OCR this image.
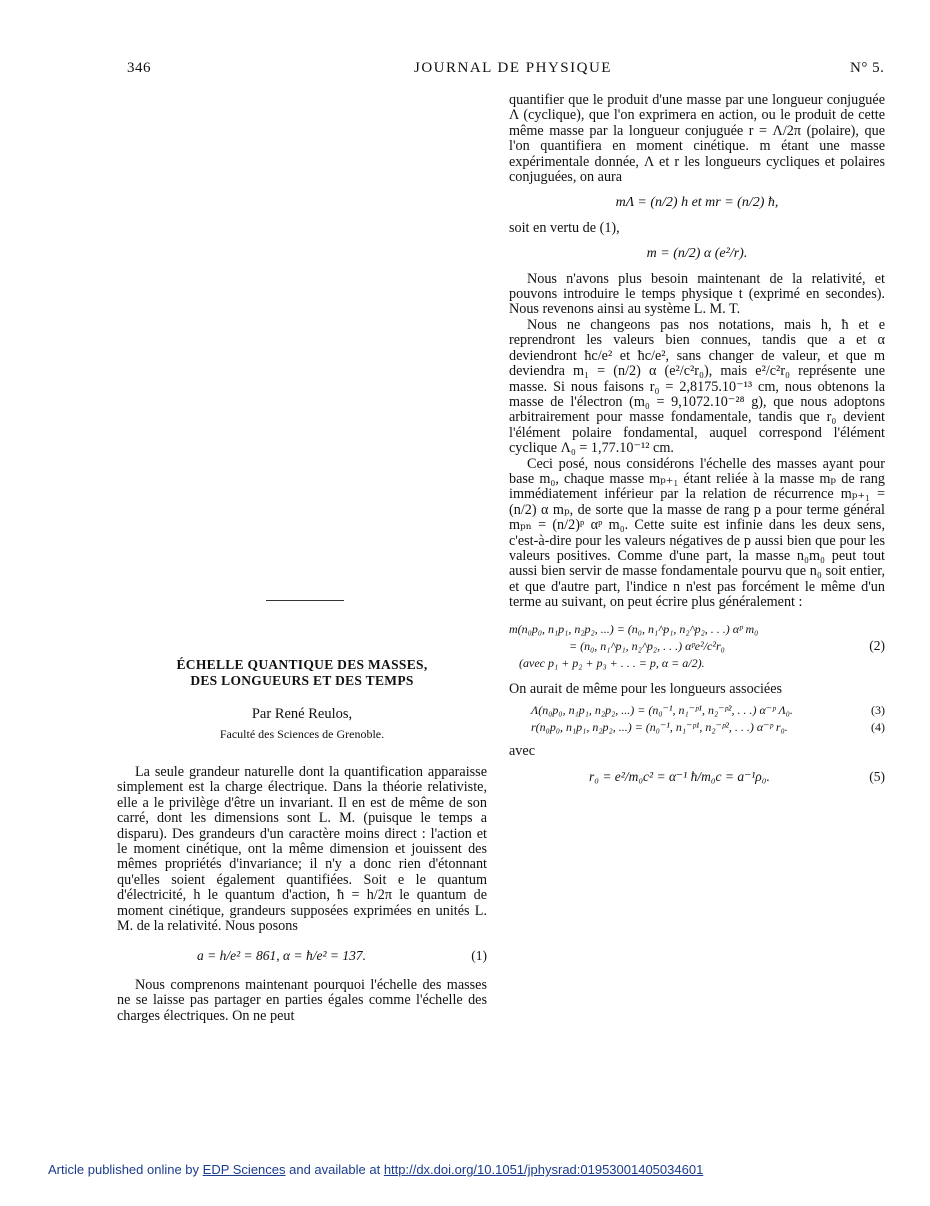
346	JOURNAL DE PHYSIQUE	N° 5.

quantifier que le produit d'une masse par une longueur conjuguée Λ (cyclique), que l'on exprimera en action, ou le produit de cette même masse par la longueur conjuguée r = Λ/2π (polaire), que l'on quantifiera en moment cinétique. m étant une masse expérimentale donnée, Λ et r les longueurs cycliques et polaires conjuguées, on aura

mΛ = (n/2) h et mr = (n/2) ħ,

soit en vertu de (1),

m = (n/2) α (e²/r).

Nous n'avons plus besoin maintenant de la relativité, et pouvons introduire le temps physique t (exprimé en secondes). Nous revenons ainsi au système L. M. T.

Nous ne changeons pas nos notations, mais h, ħ et e reprendront les valeurs bien connues, tandis que a et α deviendront ħc/e² et ħc/e², sans changer de valeur, et que m deviendra m₁ = (n/2) α (e²/c²r₀), mais e²/c²r₀ représente une masse. Si nous faisons r₀ = 2,8175.10⁻¹³ cm, nous obtenons la masse de l'électron (m₀ = 9,1072.10⁻²⁸ g), que nous adoptons arbitrairement pour masse fondamentale, tandis que r₀ devient l'élément polaire fondamental, auquel correspond l'élément cyclique Λ₀ = 1,77.10⁻¹² cm.

Ceci posé, nous considérons l'échelle des masses ayant pour base m₀, chaque masse mₚ₊₁ étant reliée à la masse mₚ de rang immédiatement inférieur par la relation de récurrence mₚ₊₁ = (n/2) α mₚ, de sorte que la masse de rang p a pour terme général mₚₙ = (n/2)ᵖ αᵖ m₀. Cette suite est infinie dans les deux sens, c'est-à-dire pour les valeurs négatives de p aussi bien que pour les valeurs positives. Comme d'une part, la masse n₀m₀ peut tout aussi bien servir de masse fondamentale pourvu que n₀ soit entier, et que d'autre part, l'indice n n'est pas forcément le même d'un terme au suivant, on peut écrire plus généralement :

m(n₀p₀, n₁p₁, n₂p₂, ...) = (n₀, n₁^p₁, n₂^p₂, . . .) αᵖ m₀
= (n₀, n₁^p₁, n₂^p₂, . . .) αᵖe²/c²r₀
(avec p₁ + p₂ + p₃ + . . . = p, α = a/2).
(2)

On aurait de même pour les longueurs associées

Λ(n₀p₀, n₁p₁, n₂p₂, ...) = (n₀⁻¹, n₁⁻ᵖ¹, n₂⁻ᵖ², . . .) α⁻ᵖ Λ₀.	(3)
r(n₀p₀, n₁p₁, n₂p₂, ...) = (n₀⁻¹, n₁⁻ᵖ¹, n₂⁻ᵖ², . . .) α⁻ᵖ r₀.	(4)

avec

r₀ = e²/m₀c² = α⁻¹ ħ/m₀c = a⁻¹ρ₀.	(5)
ÉCHELLE QUANTIQUE DES MASSES,
DES LONGUEURS ET DES TEMPS
Par René Reulos,
Faculté des Sciences de Grenoble.

La seule grandeur naturelle dont la quantification apparaisse simplement est la charge électrique. Dans la théorie relativiste, elle a le privilège d'être un invariant. Il en est de même de son carré, dont les dimensions sont L. M. (puisque le temps a disparu). Des grandeurs d'un caractère moins direct : l'action et le moment cinétique, ont la même dimension et jouissent des mêmes propriétés d'invariance; il n'y a donc rien d'étonnant qu'elles soient également quantifiées. Soit e le quantum d'électricité, h le quantum d'action, ħ = h/2π le quantum de moment cinétique, grandeurs supposées exprimées en unités L. M. de la relativité. Nous posons

a = h/e² = 861, α = ħ/e² = 137.	(1)

Nous comprenons maintenant pourquoi l'échelle des masses ne se laisse pas partager en parties égales comme l'échelle des charges électriques. On ne peut

Article published online by EDP Sciences and available at http://dx.doi.org/10.1051/jphysrad:01953001405034601
